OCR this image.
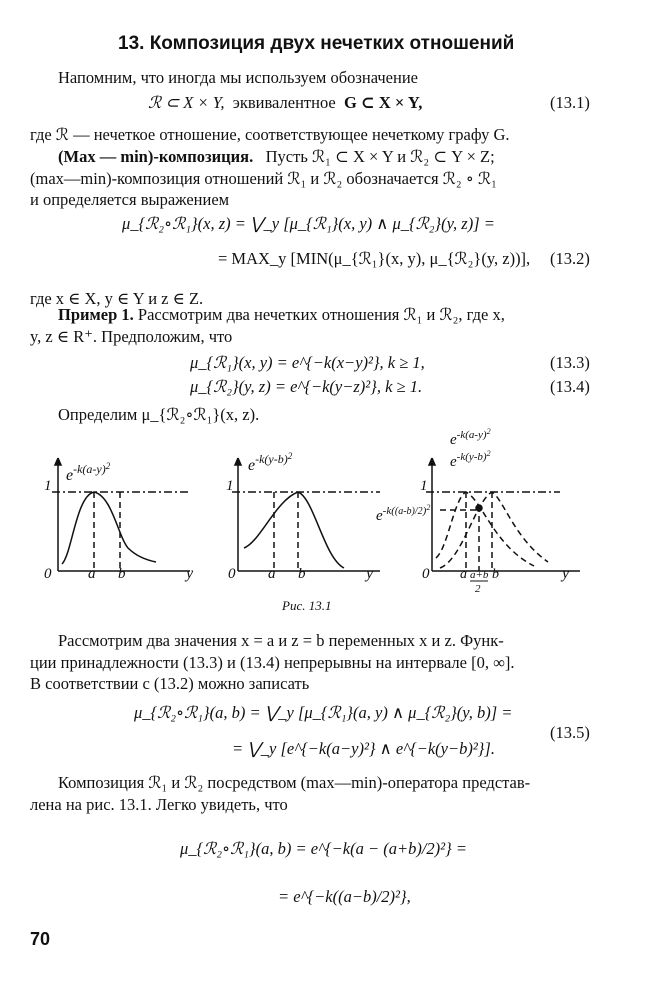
13. Композиция двух нечетких отношений
Напомним, что иногда мы используем обозначение
ℛ ⊂ X × Y, эквивалентное G ⊂ X × Y,	(13.1)
где ℛ — нечеткое отношение, соответствующее нечеткому графу G.
(Max — min)-композиция. Пусть ℛ₁ ⊂ X × Y и ℛ₂ ⊂ Y × Z;
(max—min)-композиция отношений ℛ₁ и ℛ₂ обозначается ℛ₂ ∘ ℛ₁
и определяется выражением
μ_{ℛ₂∘ℛ₁}(x, z) = ⋁_y [μ_{ℛ₁}(x, y) ∧ μ_{ℛ₂}(y, z)] =
= MAX_y [MIN(μ_{ℛ₁}(x, y), μ_{ℛ₂}(y, z))], (13.2)
где x ∈ X, y ∈ Y и z ∈ Z.
Пример 1. Рассмотрим два нечетких отношения ℛ₁ и ℛ₂, где x,
y, z ∈ R⁺. Предположим, что
μ_{ℛ₁}(x, y) = e^{−k(x−y)²}, k ≥ 1,	(13.3)
μ_{ℛ₂}(y, z) = e^{−k(y−z)²}, k ≥ 1.	(13.4)
Определим μ_{ℛ₂∘ℛ₁}(x, z).
$e^{-k(a-y)2}$
1
0 a b	y
$e^{-k(y-b)2}$
1
0 a b	y
$e^{-k(a-y)2}$
$e^{-k(y-b)2}$
$e^{-k(}(a-b)/2)^2$
1
0 a a+b
2
b	y
Рис. 13.1
Рассмотрим два значения x = a и z = b переменных x и z. Функ-
ции принадлежности (13.3) и (13.4) непрерывны на интервале [0, ∞].
В соответствии с (13.2) можно записать
μ_{ℛ₂∘ℛ₁}(a, b) = ⋁_y [μ_{ℛ₁}(a, y) ∧ μ_{ℛ₂}(y, b)] =
= ⋁_y [e^{−k(a−y)²} ∧ e^{−k(y−b)²}].
(13.5)
Композиция ℛ₁ и ℛ₂ посредством (max—min)-оператора представ-
лена на рис. 13.1. Легко увидеть, что
μ_{ℛ₂∘ℛ₁}(a, b) = e^{−k(a − (a+b)/2)²} =
= e^{−k((a−b)/2)²},
70
